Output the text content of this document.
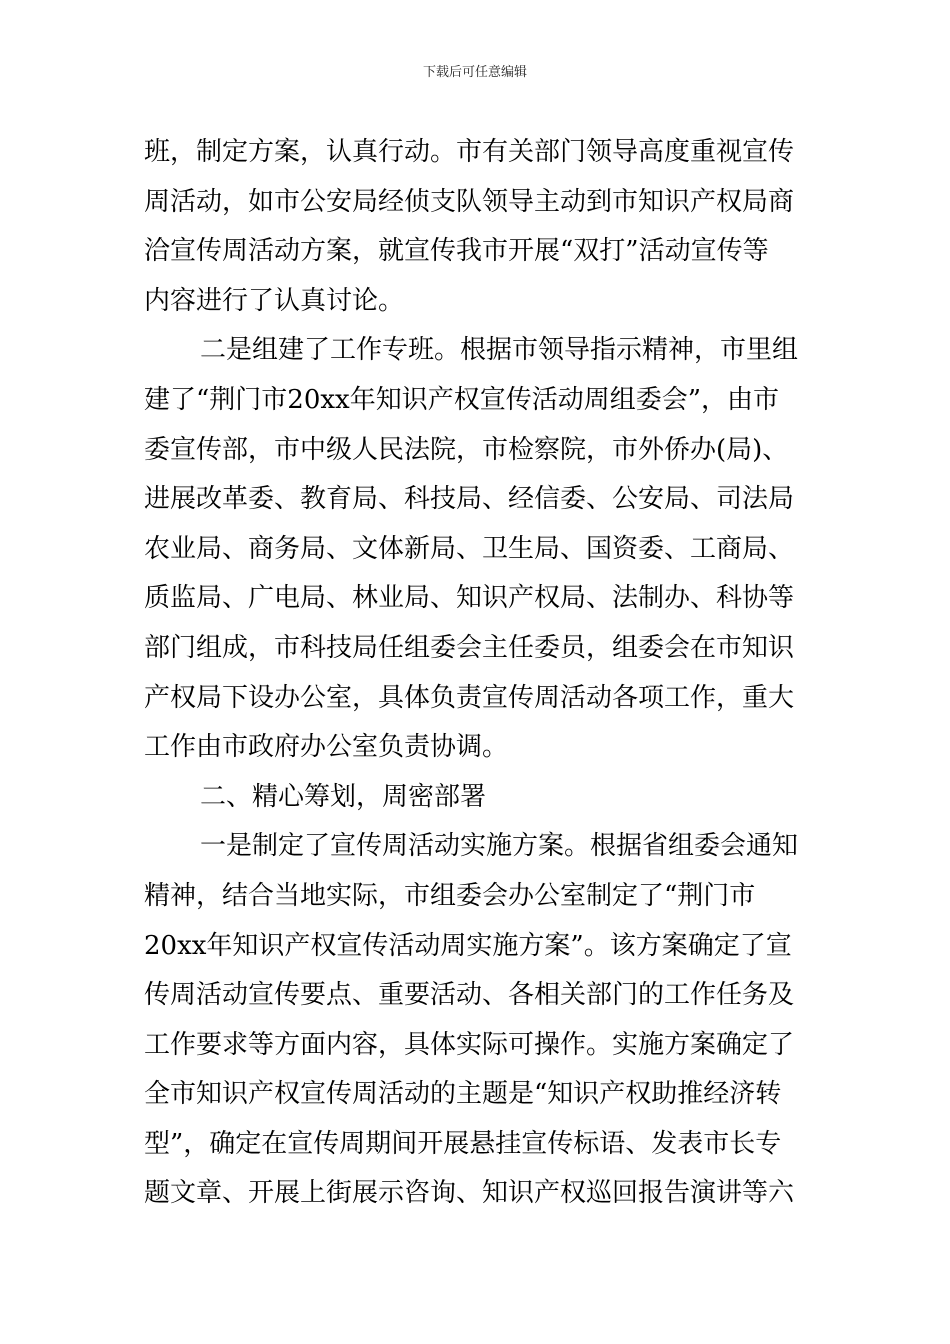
下载后可任意编辑
班，制定方案，认真行动。市有关部门领导高度重视宣传
周活动，如市公安局经侦支队领导主动到市知识产权局商
洽宣传周活动方案，就宣传我市开展“双打”活动宣传等
内容进行了认真讨论。
二是组建了工作专班。根据市领导指示精神，市里组
建了“荆门市20xx年知识产权宣传活动周组委会”，由市
委宣传部，市中级人民法院，市检察院，市外侨办(局)、
进展改革委、教育局、科技局、经信委、公安局、司法局
农业局、商务局、文体新局、卫生局、国资委、工商局、
质监局、广电局、林业局、知识产权局、法制办、科协等
部门组成，市科技局任组委会主任委员，组委会在市知识
产权局下设办公室，具体负责宣传周活动各项工作，重大
工作由市政府办公室负责协调。
二、精心筹划，周密部署
一是制定了宣传周活动实施方案。根据省组委会通知
精神，结合当地实际，市组委会办公室制定了“荆门市
20xx年知识产权宣传活动周实施方案”。该方案确定了宣
传周活动宣传要点、重要活动、各相关部门的工作任务及
工作要求等方面内容，具体实际可操作。实施方案确定了
全市知识产权宣传周活动的主题是“知识产权助推经济转
型”，确定在宣传周期间开展悬挂宣传标语、发表市长专
题文章、开展上街展示咨询、知识产权巡回报告演讲等六
